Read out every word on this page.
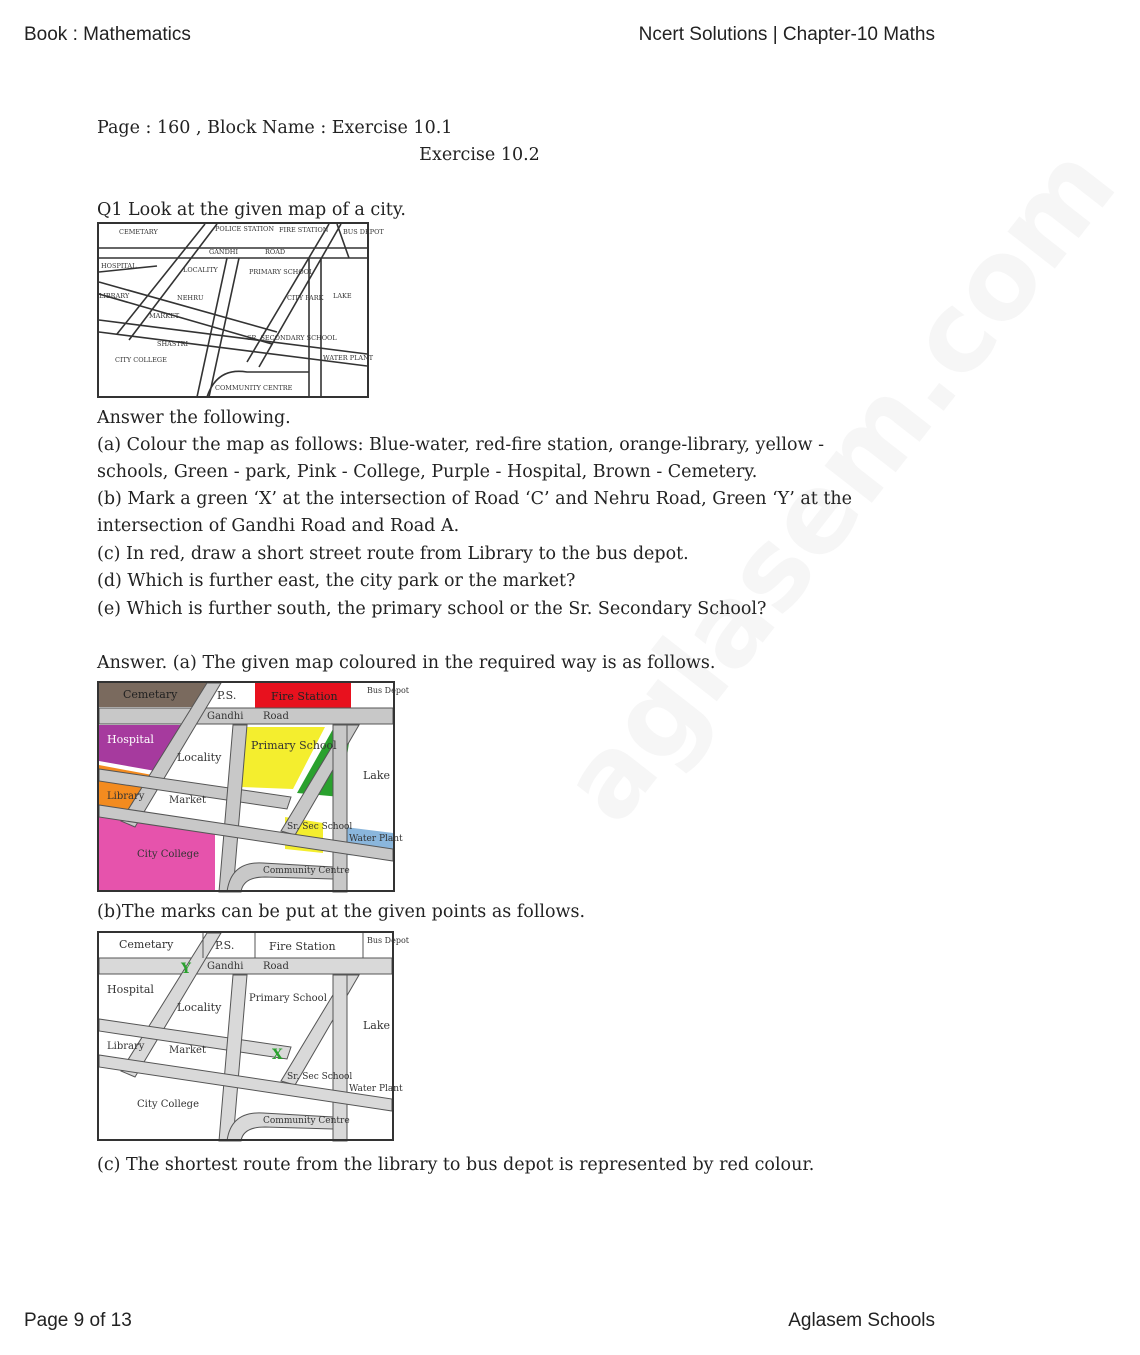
Book : Mathematics	Ncert Solutions | Chapter-10 Maths
Page : 160 , Block Name : Exercise 10.1
Exercise 10.2
Q1 Look at the given map of a city.
CEMETARY	POLICE STATION FIRE STATION BUS DEPOT
GANDHI	ROAD
HOSPITAL	LOCALITY	PRIMARY SCHOOL
LIBRARY	NEHRU	CITY PARK LAKE
MARKET
SHASTRI
SR. SECONDARY SCHOOL
WATER PLANT
CITY COLLEGE
COMMUNITY CENTRE
Answer the following.
(a) Colour the map as follows: Blue-water, red-fire station, orange-library, yellow -
schools, Green - park, Pink - College, Purple - Hospital, Brown - Cemetery.
(b) Mark a green ‘X’ at the intersection of Road ‘C’ and Nehru Road, Green ‘Y’ at the
intersection of Gandhi Road and Road A.
(c) In red, draw a short street route from Library to the bus depot.
(d) Which is further east, the city park or the market?
(e) Which is further south, the primary school or the Sr. Secondary School?
Answer. (a) The given map coloured in the required way is as follows.
Cemetary	P.S.	Fire Station	Bus Depot
Gandhi Road
Hospital
Locality
Primary School
Library
Lake
Market
Sr. Sec School
Water Plant
City College
Community Centre
(b)The marks can be put at the given points as follows.
Cemetary	P.S.	Fire Station	Bus Depot
Gandhi Road
Hospital
Locality
Primary School
Library
Lake
Market
Sr. Sec School
Water Plant
City College
Community Centre
Y
X
(c) The shortest route from the library to bus depot is represented by red colour.
Page 9 of 13	Aglasem Schools
